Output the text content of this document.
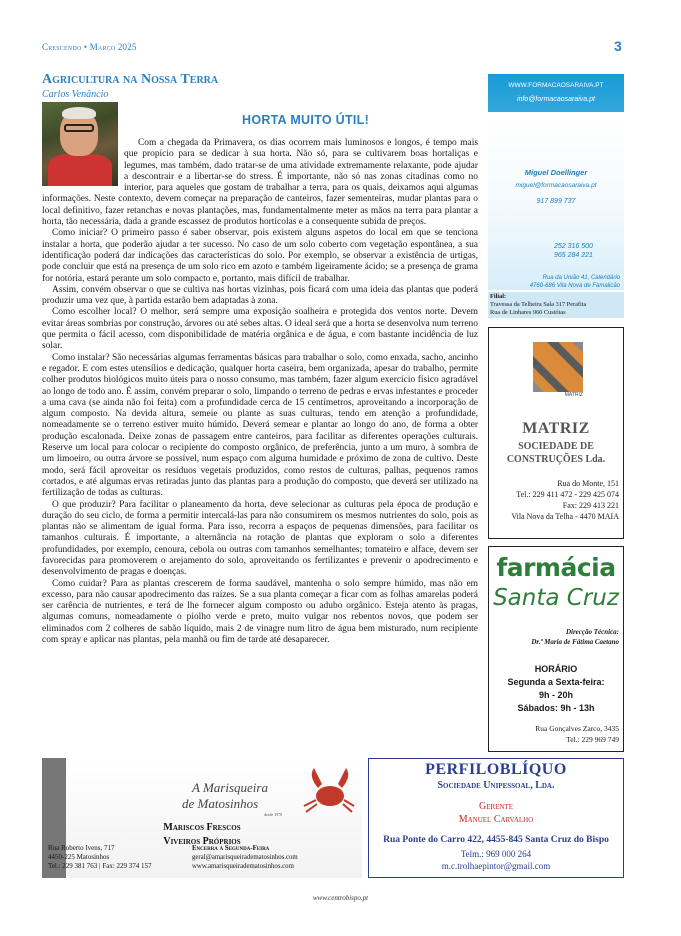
Crescendo • Março 2025	3
Agricultura na Nossa Terra
Carlos Venâncio
HORTA MUITO ÚTIL!

Com a chegada da Primavera, os dias ocorrem mais luminosos e longos, é tempo mais que propício para se dedicar à sua horta. Não só, para se cultivarem boas hortaliças e legumes, mas também, dado tratar-se de uma atividade extremamente relaxante, pode ajudar a descontrair e a libertar-se do stress. É importante, não só nas zonas citadinas como no interior, para aqueles que gostam de trabalhar a terra, para os quais, deixamos aqui algumas informações. Neste contexto, devem começar na preparação de canteiros, fazer sementeiras, mudar plantas para o local definitivo, fazer retanchas e novas plantações, mas, fundamentalmente meter as mãos na terra para plantar a horta, tão necessária, dada a grande escassez de produtos hortícolas e a consequente subida de preços.

Como iniciar? O primeiro passo é saber observar, pois existem alguns aspetos do local em que se tenciona instalar a horta, que poderão ajudar a ter sucesso. No caso de um solo coberto com vegetação espontânea, a sua identificação poderá dar indicações das características do solo. Por exemplo, se observar a existência de urtigas, pode concluir que está na presença de um solo rico em azoto e também ligeiramente ácido; se a presença de grama for notória, estará perante um solo compacto e, portanto, mais difícil de trabalhar.

Assim, convém observar o que se cultiva nas hortas vizinhas, pois ficará com uma ideia das plantas que poderá produzir uma vez que, à partida estarão bem adaptadas à zona.

Como escolher local? O melhor, será sempre uma exposição soalheira e protegida dos ventos norte. Devem evitar áreas sombrias por construção, árvores ou até sebes altas. O ideal será que a horta se desenvolva num terreno que permita o fácil acesso, com disponibilidade de matéria orgânica e de água, e com bastante incidência de luz solar.

Como instalar? São necessárias algumas ferramentas básicas para trabalhar o solo, como enxada, sacho, ancinho e regador. E com estes utensílios e dedicação, qualquer horta caseira, bem organizada, apesar do trabalho, permite colher produtos biológicos muito úteis para o nosso consumo, mas também, fazer algum exercício físico agradável ao longo de todo ano. É assim, convém preparar o solo, limpando o terreno de pedras e ervas infestantes e proceder a uma cava (se ainda não foi feita) com a profundidade cerca de 15 centímetros, aproveitando a incorporação de algum composto. Na devida altura, semeie ou plante as suas culturas, tendo em atenção a profundidade, nomeadamente se o terreno estiver muito húmido. Deverá semear e plantar ao longo do ano, de forma a obter produção escalonada. Deixe zonas de passagem entre canteiros, para facilitar as diferentes operações culturais. Reserve um local para colocar o recipiente do composto orgânico, de preferência, junto a um muro, à sombra de um limoeiro, ou outra árvore se possível, num espaço com alguma humidade e próximo de zona de cultivo. Deste modo, será fácil aproveitar os resíduos vegetais produzidos, como restos de culturas, palhas, pequenos ramos cortados, e até algumas ervas retiradas junto das plantas para a produção do composto, que deverá ser utilizado na fertilização de todas as culturas.

O que produzir? Para facilitar o planeamento da horta, deve selecionar as culturas pela época de produção e duração do seu ciclo, de forma a permitir intercalá-las para não consumirem os mesmos nutrientes do solo, pois as plantas não se alimentam de igual forma. Para isso, recorra a espaços de pequenas dimensões, para facilitar os tamanhos culturais. É importante, a alternância na rotação de plantas que exploram o solo a diferentes profundidades, por exemplo, cenoura, cebola ou outras com tamanhos semelhantes; tomateiro e alface, devem ser favorecidas para promoverem o arejamento do solo, aproveitando os fertilizantes e prevenir o apodrecimento e desenvolvimento de pragas e doenças.

Como cuidar? Para as plantas crescerem de forma saudável, mantenha o solo sempre húmido, mas não em excesso, para não causar apodrecimento das raízes. Se a sua planta começar a ficar com as folhas amarelas poderá ser carência de nutrientes, e terá de lhe fornecer algum composto ou adubo orgânico. Esteja atento às pragas, algumas comuns, nomeadamente o piolho verde e preto, muito vulgar nos rebentos novos, que podem ser eliminados com 2 colheres de sabão líquido, mais 2 de vinagre num litro de água bem misturado, num recipiente com spray e aplicar nas plantas, pela manhã ou fim de tarde até desaparecer.

WWW.FORMACAOSARAIVA.PT
info@formacaosaraiva.pt
Miguel Doellinger
miguel@formacaosaraiva.pt
917 899 737
252 316 500
965 284 221
Rua da União 41, Calendário
4760-686 Vila Nova de Famalicão
Filial:
Travessa da Telheira Sala 317 Perafita
Rua de Linhares 960 Custóias
MATRIZ
MATRIZ
SOCIEDADE DE
CONSTRUÇÕES Lda.
Rua do Monte, 151
Tel.: 229 411 472 - 229 425 074
Fax: 229 413 221
Vila Nova da Telha - 4470 MAIA
farmácia
Santa Cruz
Direcção Técnica:
Dr.ª Maria de Fátima Caetano
HORÁRIO
Segunda a Sexta-feira:
9h - 20h
Sábados: 9h - 13h
Rua Gonçalves Zarco, 3435
Tel.: 229 969 749
A Marisqueira
de Matosinhos
desde 1978
Mariscos Frescos
Viveiros Próprios
Rua Roberto Ivens, 717
4450-225 Matosinhos
Tel.: 229 381 763 | Fax: 229 374 157
Encerra à Segunda-Feira
geral@amarisqueiradematosinhos.com
www.amarisqueiradematosinhos.com
PERFILOBLÍQUO
Sociedade Unipessoal, Lda.
Gerente
Manuel Carvalho
Rua Ponte do Carro 422, 4455-845 Santa Cruz do Bispo
Telm.: 969 000 264
m.c.trolhaepintor@gmail.com
www.centrobispo.pt
